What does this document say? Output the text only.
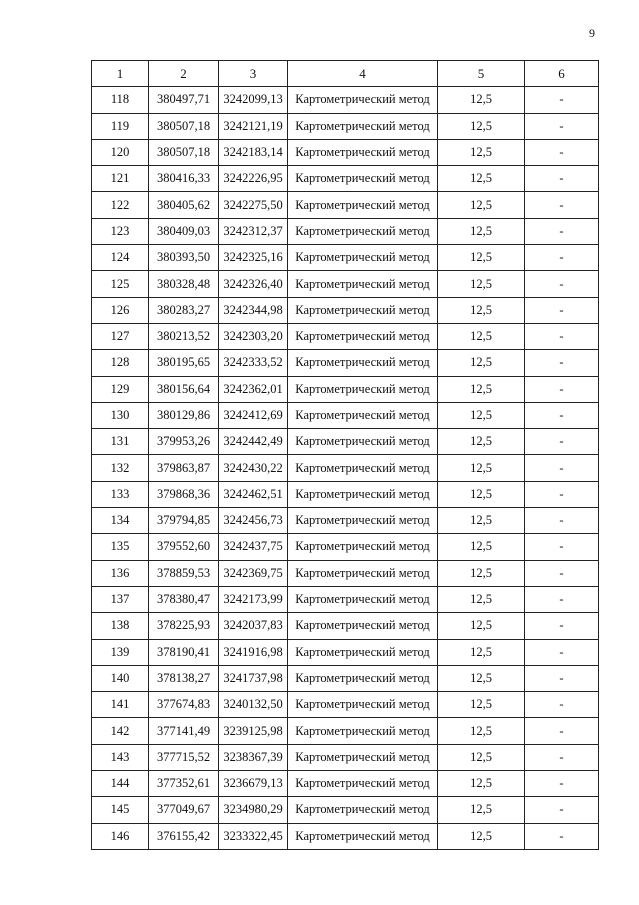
9
1	2	3	4	5	6
118	380497,71	3242099,13	Картометрический метод	12,5	-
119	380507,18	3242121,19	Картометрический метод	12,5	-
120	380507,18	3242183,14	Картометрический метод	12,5	-
121	380416,33	3242226,95	Картометрический метод	12,5	-
122	380405,62	3242275,50	Картометрический метод	12,5	-
123	380409,03	3242312,37	Картометрический метод	12,5	-
124	380393,50	3242325,16	Картометрический метод	12,5	-
125	380328,48	3242326,40	Картометрический метод	12,5	-
126	380283,27	3242344,98	Картометрический метод	12,5	-
127	380213,52	3242303,20	Картометрический метод	12,5	-
128	380195,65	3242333,52	Картометрический метод	12,5	-
129	380156,64	3242362,01	Картометрический метод	12,5	-
130	380129,86	3242412,69	Картометрический метод	12,5	-
131	379953,26	3242442,49	Картометрический метод	12,5	-
132	379863,87	3242430,22	Картометрический метод	12,5	-
133	379868,36	3242462,51	Картометрический метод	12,5	-
134	379794,85	3242456,73	Картометрический метод	12,5	-
135	379552,60	3242437,75	Картометрический метод	12,5	-
136	378859,53	3242369,75	Картометрический метод	12,5	-
137	378380,47	3242173,99	Картометрический метод	12,5	-
138	378225,93	3242037,83	Картометрический метод	12,5	-
139	378190,41	3241916,98	Картометрический метод	12,5	-
140	378138,27	3241737,98	Картометрический метод	12,5	-
141	377674,83	3240132,50	Картометрический метод	12,5	-
142	377141,49	3239125,98	Картометрический метод	12,5	-
143	377715,52	3238367,39	Картометрический метод	12,5	-
144	377352,61	3236679,13	Картометрический метод	12,5	-
145	377049,67	3234980,29	Картометрический метод	12,5	-
146	376155,42	3233322,45	Картометрический метод	12,5	-
